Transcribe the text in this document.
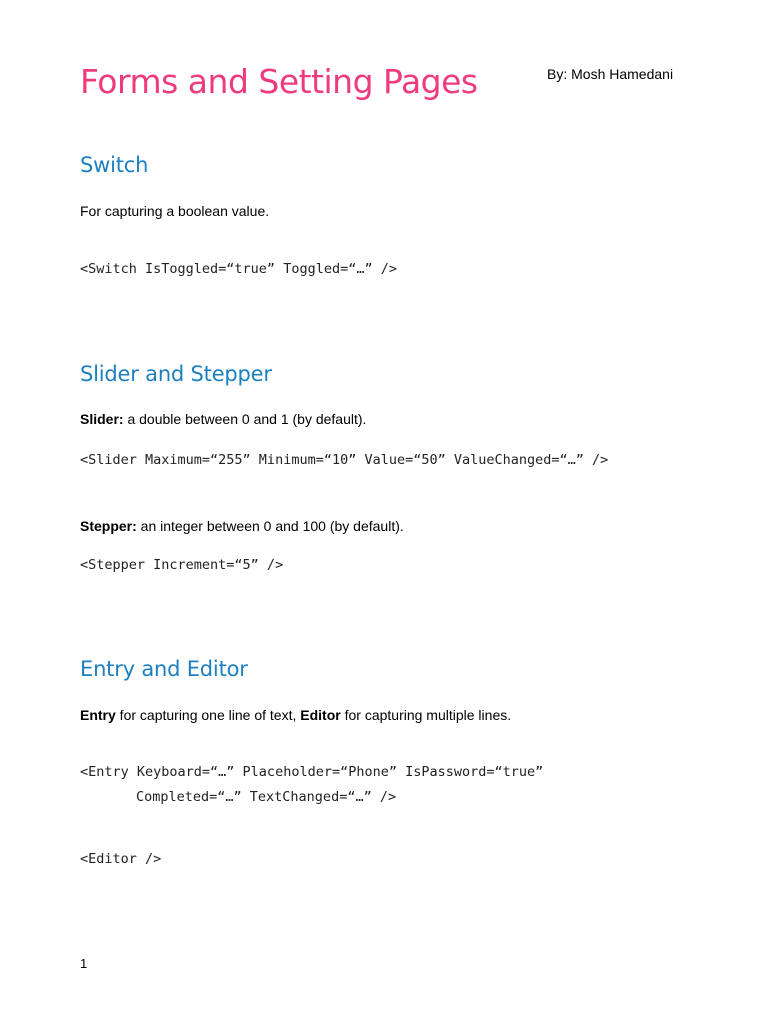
Forms and Setting Pages	By: Mosh Hamedani
Switch

For capturing a boolean value.

<Switch IsToggled=“true” Toggled=“…” />
Slider and Stepper

Slider: a double between 0 and 1 (by default).

<Slider Maximum=“255” Minimum=“10” Value=“50” ValueChanged=“…” />

Stepper: an integer between 0 and 100 (by default).

<Stepper Increment=“5” />
Entry and Editor

Entry for capturing one line of text, Editor for capturing multiple lines.

<Entry Keyboard=“…” Placeholder=“Phone” IsPassword=“true”
Completed=“…” TextChanged=“…” />
<Editor />
1
